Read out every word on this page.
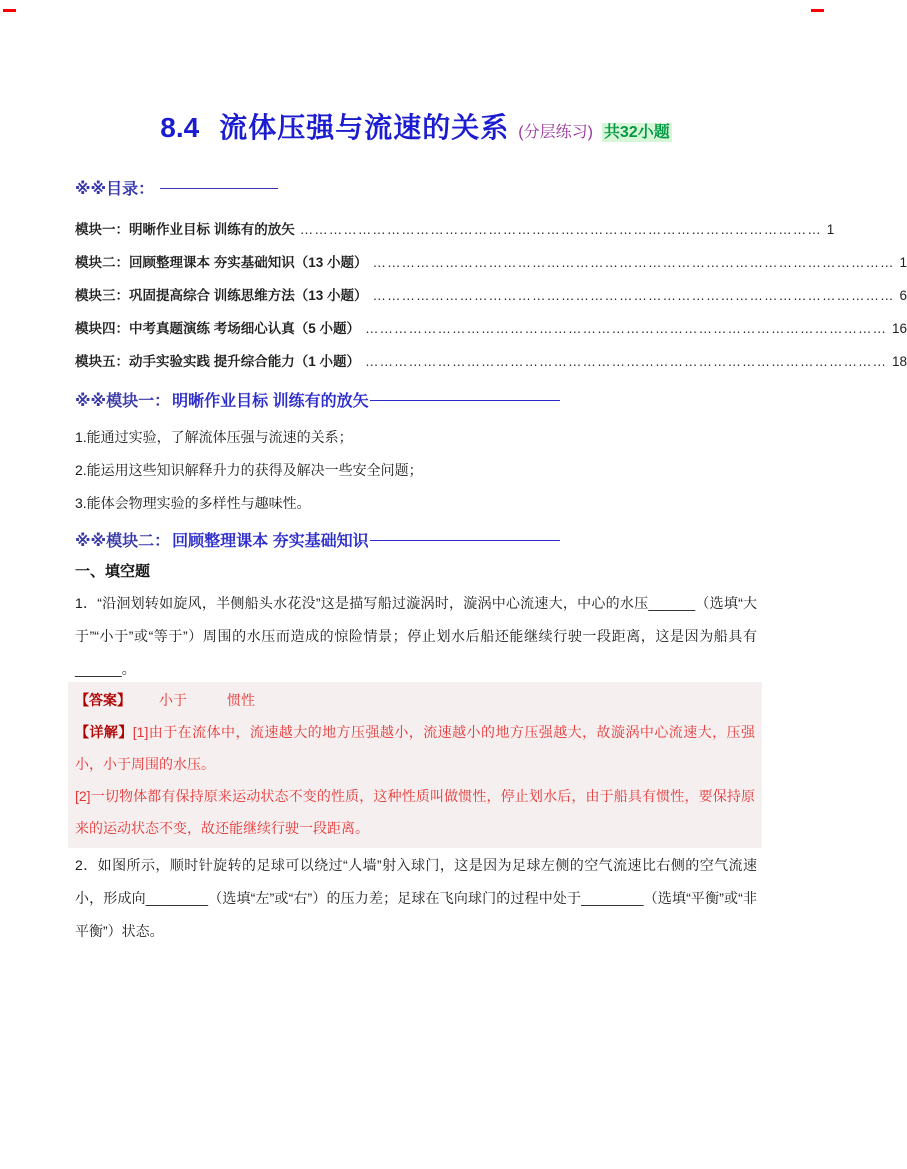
8.4 流体压强与流速的关系 (分层练习) 共32小题
※※目录：
模块一：明晰作业目标 训练有的放矢 ……………………………………………………………………………………………… 1
模块二：回顾整理课本 夯实基础知识（13 小题） ……………………………………………………………………………………………… 1
模块三：巩固提高综合 训练思维方法（13 小题） ……………………………………………………………………………………………… 6
模块四：中考真题演练 考场细心认真（5 小题） ……………………………………………………………………………………………… 16
模块五：动手实验实践 提升综合能力（1 小题） ……………………………………………………………………………………………… 18
※※模块一： 明晰作业目标 训练有的放矢
1.能通过实验，了解流体压强与流速的关系；
2.能运用这些知识解释升力的获得及解决一些安全问题；
3.能体会物理实验的多样性与趣味性。
※※模块二： 回顾整理课本 夯实基础知识
一、填空题
1．“沿洄划转如旋风，半侧船头水花没”这是描写船过漩涡时，漩涡中心流速大，中心的水压______（选填“大于”“小于”或“等于”）周围的水压而造成的惊险情景；停止划水后船还能继续行驶一段距离，这是因为船具有______。
【答案】 小于	惯性
【详解】[1]由于在流体中，流速越大的地方压强越小，流速越小的地方压强越大，故漩涡中心流速大，压强小，小于周围的水压。
[2]一切物体都有保持原来运动状态不变的性质，这种性质叫做惯性，停止划水后，由于船具有惯性，要保持原来的运动状态不变，故还能继续行驶一段距离。
2．如图所示，顺时针旋转的足球可以绕过“人墙”射入球门，这是因为足球左侧的空气流速比右侧的空气流速小，形成向________（选填“左”或“右”）的压力差；足球在飞向球门的过程中处于________（选填“平衡”或“非平衡”）状态。
